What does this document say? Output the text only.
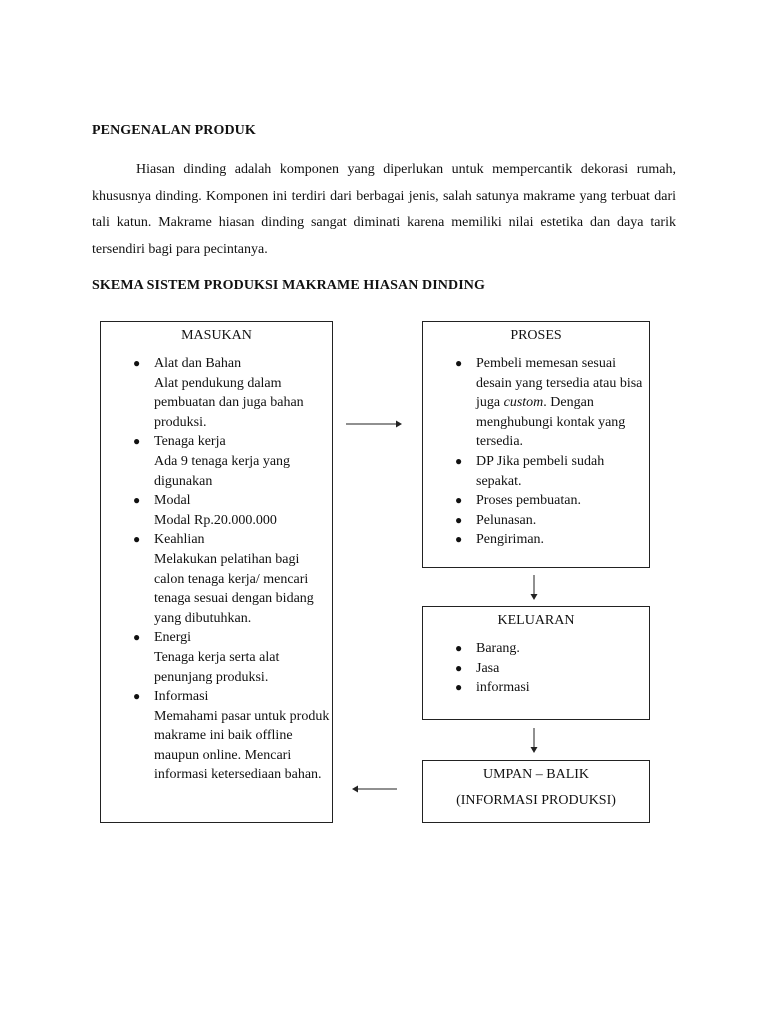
PENGENALAN PRODUK

Hiasan dinding adalah komponen yang diperlukan untuk mempercantik dekorasi rumah, khususnya dinding. Komponen ini terdiri dari berbagai jenis, salah satunya makrame yang terbuat dari tali katun. Makrame hiasan dinding sangat diminati karena memiliki nilai estetika dan daya tarik tersendiri bagi para pecintanya.

SKEMA SISTEM PRODUKSI MAKRAME HIASAN DINDING
MASUKAN
● Alat dan Bahan
Alat pendukung dalam pembuatan dan juga bahan produksi.
● Tenaga kerja
Ada 9 tenaga kerja yang digunakan
● Modal
Modal Rp.20.000.000
● Keahlian
Melakukan pelatihan bagi calon tenaga kerja/ mencari tenaga sesuai dengan bidang yang dibutuhkan.
● Energi
Tenaga kerja serta alat penunjang produksi.
● Informasi
Memahami pasar untuk produk makrame ini baik offline maupun online. Mencari informasi ketersediaan bahan.
PROSES
● Pembeli memesan sesuai desain yang tersedia atau bisa juga custom. Dengan menghubungi kontak yang tersedia.
● DP Jika pembeli sudah sepakat.
● Proses pembuatan.
● Pelunasan.
● Pengiriman.
KELUARAN
● Barang.
● Jasa
● informasi
UMPAN – BALIK
(INFORMASI PRODUKSI)
